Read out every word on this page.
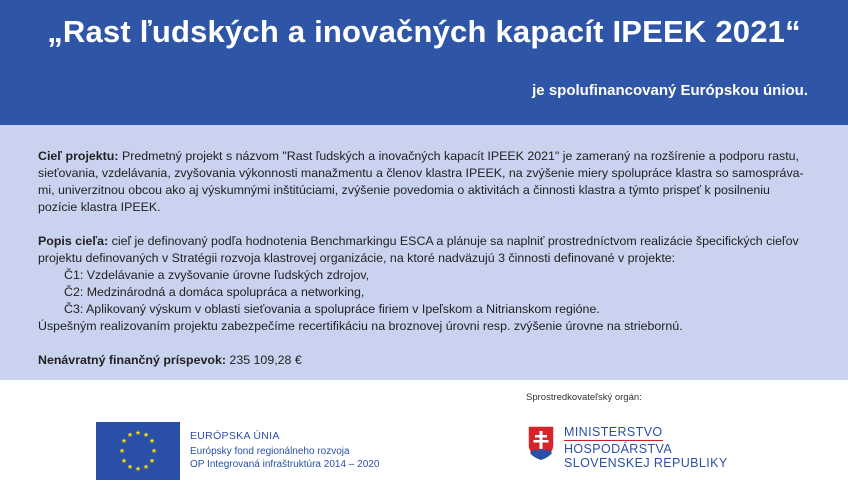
„Rast ľudských a inovačných kapacít IPEEK 2021“
je spolufinancovaný Európskou úniou.

Cieľ projektu: Predmetný projekt s názvom "Rast ľudských a inovačných kapacít IPEEK 2021" je zameraný na rozšírenie a podporu rastu, sieťovania, vzdelávania, zvyšovania výkonnosti manažmentu a členov klastra IPEEK, na zvýšenie miery spolupráce klastra so samospráva-mi, univerzitnou obcou ako aj výskumnými inštitúciami, zvýšenie povedomia o aktivitách a činnosti klastra a týmto prispeť k posilneniu pozície klastra IPEEK.

Popis cieľa: cieľ je definovaný podľa hodnotenia Benchmarkingu ESCA a plánuje sa naplniť prostredníctvom realizácie špecifických cieľov projektu definovaných v Stratégii rozvoja klastrovej organizácie, na ktoré nadväzujú 3 činnosti definované v projekte:

Č1: Vzdelávanie a zvyšovanie úrovne ľudských zdrojov,

Č2: Medzinárodná a domáca spolupráca a networking,

Č3: Aplikovaný výskum v oblasti sieťovania a spolupráce firiem v Ipeľskom a Nitrianskom regióne.

Úspešným realizovaním projektu zabezpečíme recertifikáciu na broznovej úrovni resp. zvýšenie úrovne na striebornú.

Nenávratný finančný príspevok: 235 109,28 €

Sprostredkovateľský orgán:
★ ★
★
★
★
★
★
★
★
★
★
★	EURÓPSKA ÚNIA
Európsky fond regionálneho rozvoja
OP Integrovaná infraštruktúra 2014 – 2020
MINISTERSTVO
HOSPODÁRSTVA
SLOVENSKEJ REPUBLIKY
